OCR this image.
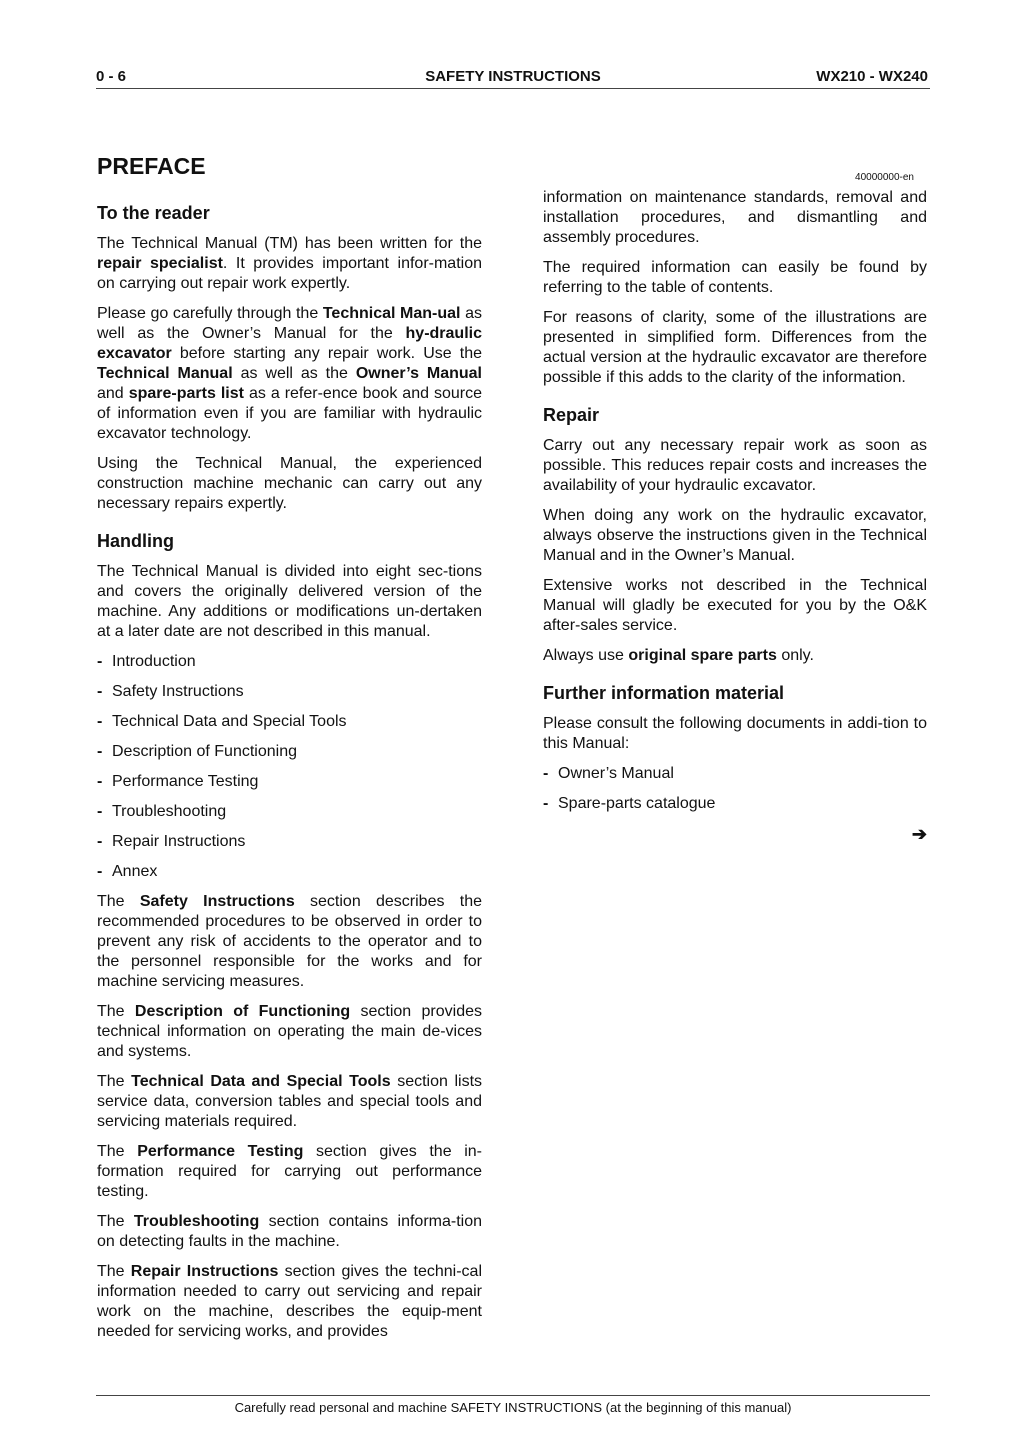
0 - 6	SAFETY INSTRUCTIONS	WX210 - WX240
PREFACE
To the reader

The Technical Manual (TM) has been written for the repair specialist. It provides important infor-mation on carrying out repair work expertly.

Please go carefully through the Technical Man-ual as well as the Owner’s Manual for the hy-draulic excavator before starting any repair work. Use the Technical Manual as well as the Owner’s Manual and spare-parts list as a refer-ence book and source of information even if you are familiar with hydraulic excavator technology.

Using the Technical Manual, the experienced construction machine mechanic can carry out any necessary repairs expertly.

Handling

The Technical Manual is divided into eight sec-tions and covers the originally delivered version of the machine. Any additions or modifications un-dertaken at a later date are not described in this manual.

- Introduction
- Safety Instructions
- Technical Data and Special Tools
- Description of Functioning
- Performance Testing
- Troubleshooting
- Repair Instructions
- Annex

The Safety Instructions section describes the recommended procedures to be observed in order to prevent any risk of accidents to the operator and to the personnel responsible for the works and for machine servicing measures.

The Description of Functioning section provides technical information on operating the main de-vices and systems.

The Technical Data and Special Tools section lists service data, conversion tables and special tools and servicing materials required.

The Performance Testing section gives the in-formation required for carrying out performance testing.

The Troubleshooting section contains informa-tion on detecting faults in the machine.

The Repair Instructions section gives the techni-cal information needed to carry out servicing and repair work on the machine, describes the equip-ment needed for servicing works, and provides

40000000-en

information on maintenance standards, removal and installation procedures, and dismantling and assembly procedures.

The required information can easily be found by referring to the table of contents.

For reasons of clarity, some of the illustrations are presented in simplified form. Differences from the actual version at the hydraulic excavator are therefore possible if this adds to the clarity of the information.

Repair

Carry out any necessary repair work as soon as possible. This reduces repair costs and increases the availability of your hydraulic excavator.

When doing any work on the hydraulic excavator, always observe the instructions given in the Technical Manual and in the Owner’s Manual.

Extensive works not described in the Technical Manual will gladly be executed for you by the O&K after-sales service.

Always use original spare parts only.

Further information material

Please consult the following documents in addi-tion to this Manual:

- Owner’s Manual
- Spare-parts catalogue
➔
Carefully read personal and machine SAFETY INSTRUCTIONS (at the beginning of this manual)
